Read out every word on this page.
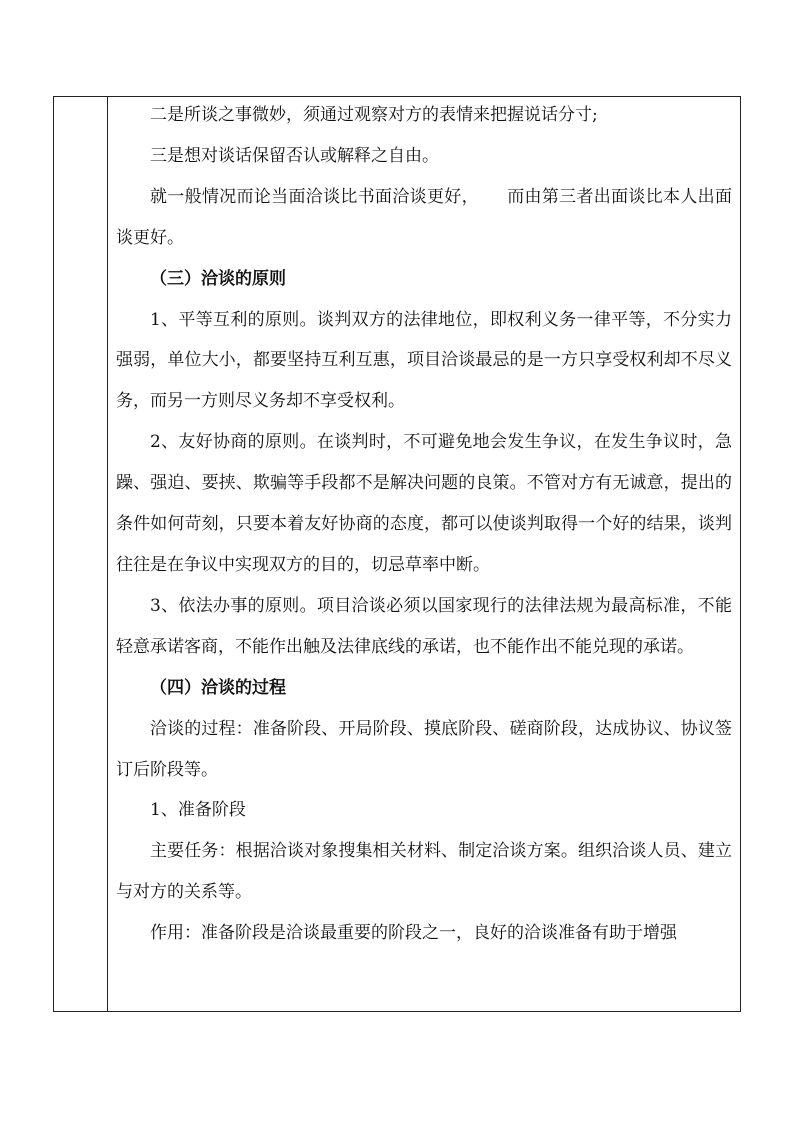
二是所谈之事微妙，须通过观察对方的表情来把握说话分寸;

三是想对谈话保留否认或解释之自由。

就一般情况而论当面洽谈比书面洽谈更好， 而由第三者出面谈比本人出面谈更好。

（三）洽谈的原则

1、平等互利的原则。谈判双方的法律地位，即权利义务一律平等，不分实力强弱，单位大小，都要坚持互利互惠，项目洽谈最忌的是一方只享受权利却不尽义务，而另一方则尽义务却不享受权利。

2、友好协商的原则。在谈判时，不可避免地会发生争议，在发生争议时，急躁、强迫、要挟、欺骗等手段都不是解决问题的良策。不管对方有无诚意，提出的条件如何苛刻，只要本着友好协商的态度，都可以使谈判取得一个好的结果，谈判往往是在争议中实现双方的目的，切忌草率中断。

3、依法办事的原则。项目洽谈必须以国家现行的法律法规为最高标准，不能轻意承诺客商，不能作出触及法律底线的承诺，也不能作出不能兑现的承诺。

（四）洽谈的过程

洽谈的过程：准备阶段、开局阶段、摸底阶段、磋商阶段，达成协议、协议签订后阶段等。

1、准备阶段

主要任务：根据洽谈对象搜集相关材料、制定洽谈方案。组织洽谈人员、建立与对方的关系等。

作用：准备阶段是洽谈最重要的阶段之一，良好的洽谈准备有助于增强
